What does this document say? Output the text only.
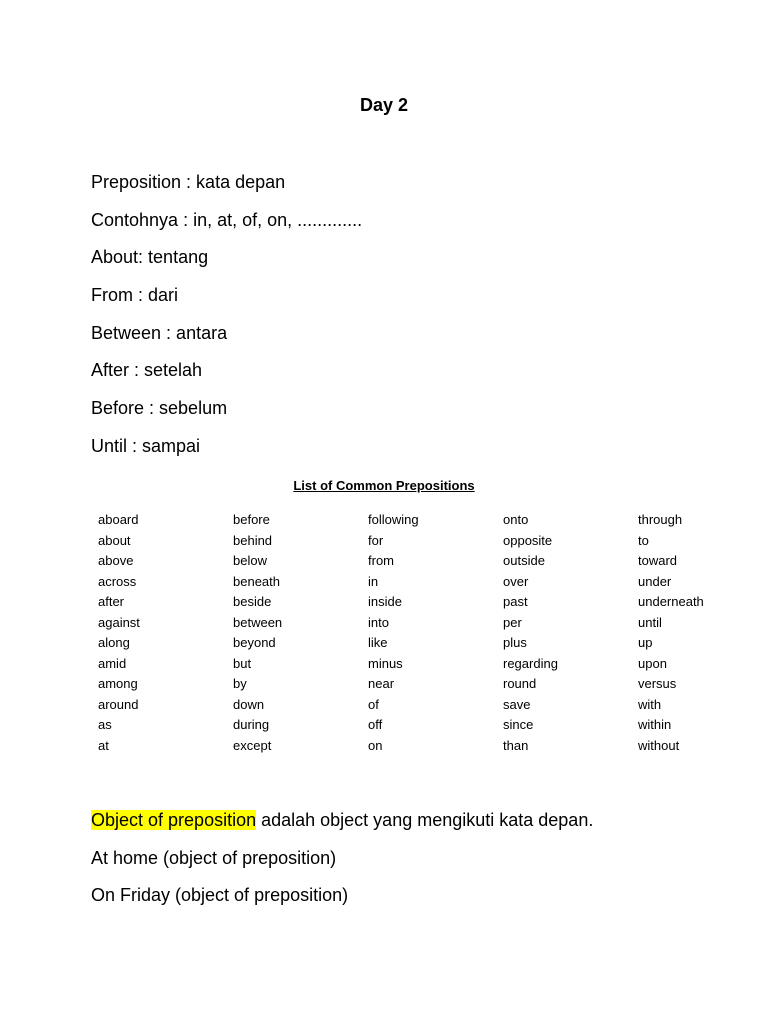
Day 2
Preposition : kata depan
Contohnya : in, at, of, on, .............
About: tentang
From : dari
Between : antara
After : setelah
Before : sebelum
Until : sampai
List of Common Prepositions
aboard
about
above
across
after
against
along
amid
among
around
as
at
before
behind
below
beneath
beside
between
beyond
but
by
down
during
except
following
for
from
in
inside
into
like
minus
near
of
off
on
onto
opposite
outside
over
past
per
plus
regarding
round
save
since
than
through
to
toward
under
underneath
until
up
upon
versus
with
within
without
Object of preposition adalah object yang mengikuti kata depan.
At home (object of preposition)
On Friday (object of preposition)
